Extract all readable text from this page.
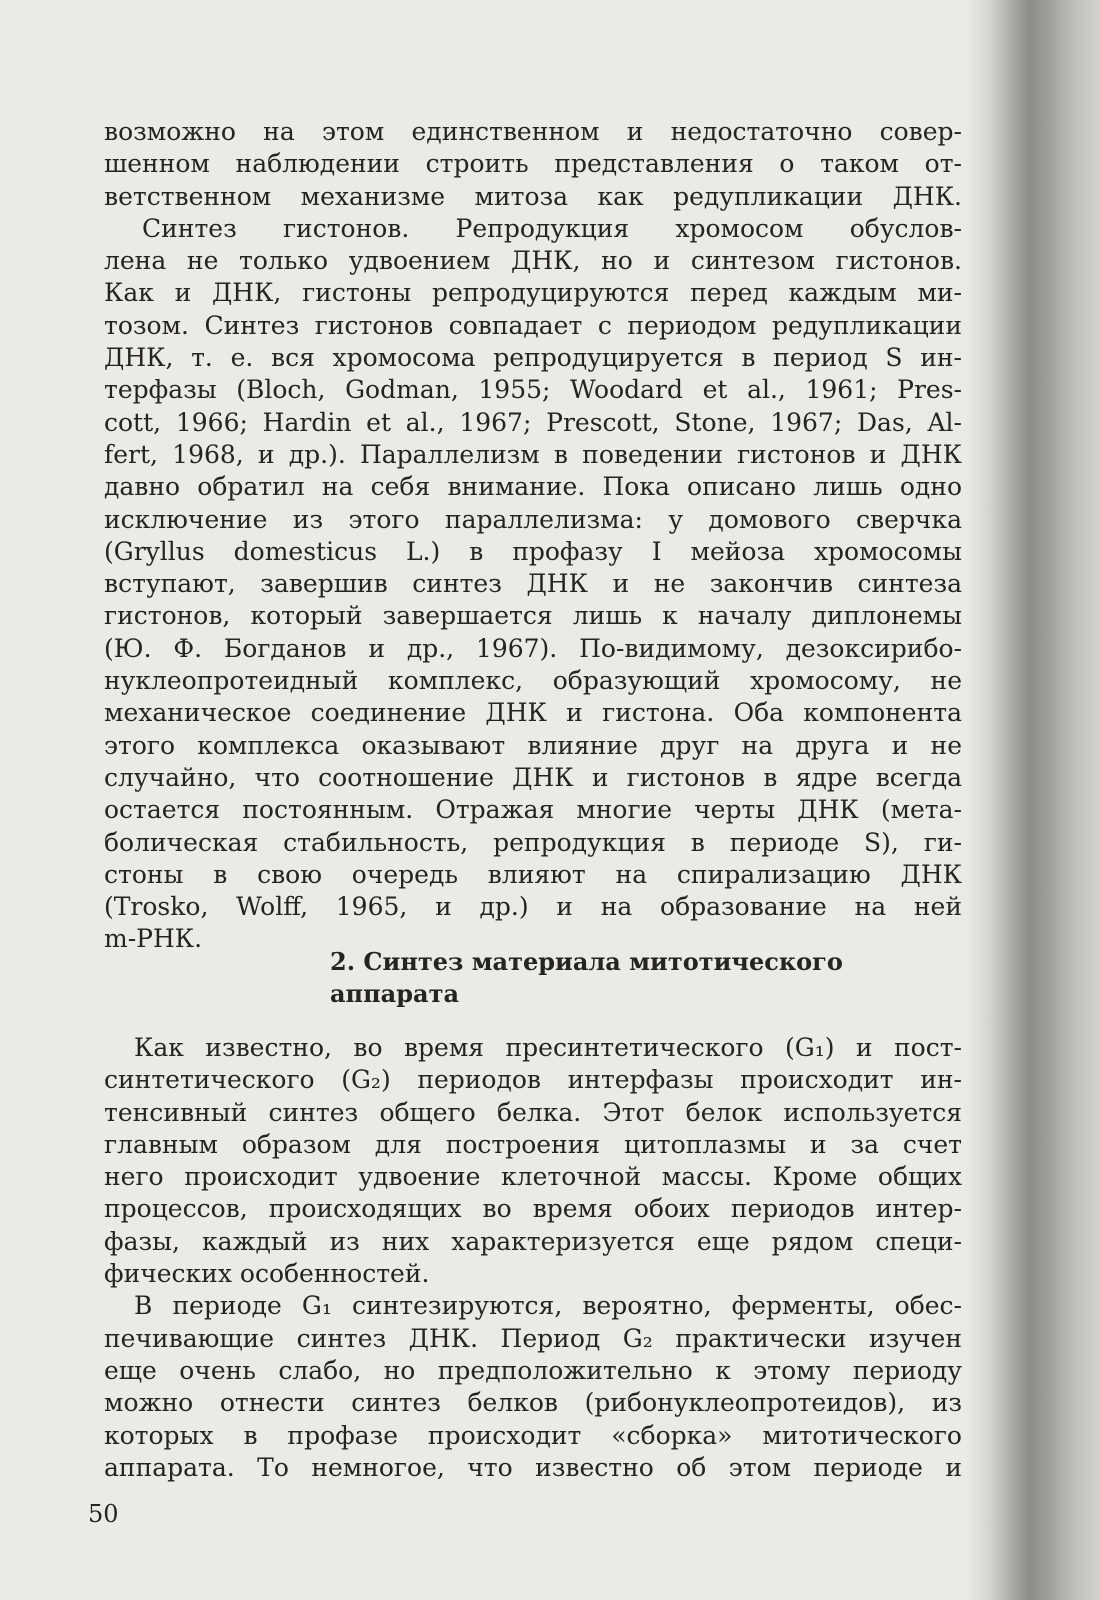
возможно на этом единственном и недостаточно совер-
шенном наблюдении строить представления о таком от-
ветственном механизме митоза как редупликации ДНК.
Синтез гистонов. Репродукция хромосом обуслов-
лена не только удвоением ДНК, но и синтезом гистонов.
Как и ДНК, гистоны репродуцируются перед каждым ми-
тозом. Синтез гистонов совпадает с периодом редупликации
ДНК, т. е. вся хромосома репродуцируется в период S ин-
терфазы (Bloch, Godman, 1955; Woodard et al., 1961; Pres-
cott, 1966; Hardin et al., 1967; Prescott, Stone, 1967; Das, Al-
fert, 1968, и др.). Параллелизм в поведении гистонов и ДНК
давно обратил на себя внимание. Пока описано лишь одно
исключение из этого параллелизма: у домового сверчка
(Gryllus domesticus L.) в профазу I мейоза хромосомы
вступают, завершив синтез ДНК и не закончив синтеза
гистонов, который завершается лишь к началу диплонемы
(Ю. Ф. Богданов и др., 1967). По-видимому, дезоксирибо-
нуклеопротеидный комплекс, образующий хромосому, не
механическое соединение ДНК и гистона. Оба компонента
этого комплекса оказывают влияние друг на друга и не
случайно, что соотношение ДНК и гистонов в ядре всегда
остается постоянным. Отражая многие черты ДНК (мета-
болическая стабильность, репродукция в периоде S), ги-
стоны в свою очередь влияют на спирализацию ДНК
(Trosko, Wolff, 1965, и др.) и на образование на ней
m-РНК.
2. Синтез материала митотического
аппарата
Как известно, во время пресинтетического (G₁) и пост-
синтетического (G₂) периодов интерфазы происходит ин-
тенсивный синтез общего белка. Этот белок используется
главным образом для построения цитоплазмы и за счет
него происходит удвоение клеточной массы. Кроме общих
процессов, происходящих во время обоих периодов интер-
фазы, каждый из них характеризуется еще рядом специ-
фических особенностей.
В периоде G₁ синтезируются, вероятно, ферменты, обес-
печивающие синтез ДНК. Период G₂ практически изучен
еще очень слабо, но предположительно к этому периоду
можно отнести синтез белков (рибонуклеопротеидов), из
которых в профазе происходит «сборка» митотического
аппарата. То немногое, что известно об этом периоде и
50
